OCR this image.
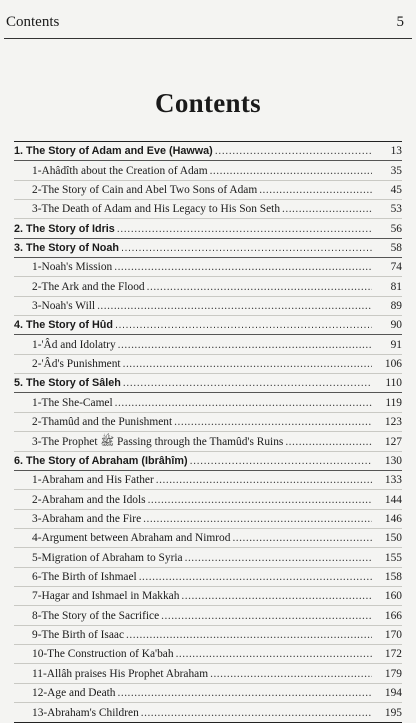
Contents	5
Contents
1. The Story of Adam and Eve (Hawwa) .....	13
1-Ahâdîth about the Creation of Adam .....	35
2-The Story of Cain and Abel Two Sons of Adam .....	45
3-The Death of Adam and His Legacy to His Son Seth .....	53
2. The Story of Idris .....	56
3. The Story of Noah .....	58
1-Noah's Mission .....	74
2-The Ark and the Flood .....	81
3-Noah's Will .....	89
4. The Story of Hûd .....	90
1-'Âd and Idolatry .....	91
2-'Âd's Punishment .....	106
5. The Story of Sâleh .....	110
1-The She-Camel .....	119
2-Thamûd and the Punishment .....	123
3-The Prophet ﷺ Passing through the Thamûd's Ruins .....	127
6. The Story of Abraham (Ibrâhîm) .....	130
1-Abraham and His Father .....	133
2-Abraham and the Idols .....	144
3-Abraham and the Fire .....	146
4-Argument between Abraham and Nimrod .....	150
5-Migration of Abraham to Syria .....	155
6-The Birth of Ishmael .....	158
7-Hagar and Ishmael in Makkah .....	160
8-The Story of the Sacrifice .....	166
9-The Birth of Isaac .....	170
10-The Construction of Ka'bah .....	172
11-Allâh praises His Prophet Abraham .....	179
12-Age and Death .....	194
13-Abraham's Children .....	195
